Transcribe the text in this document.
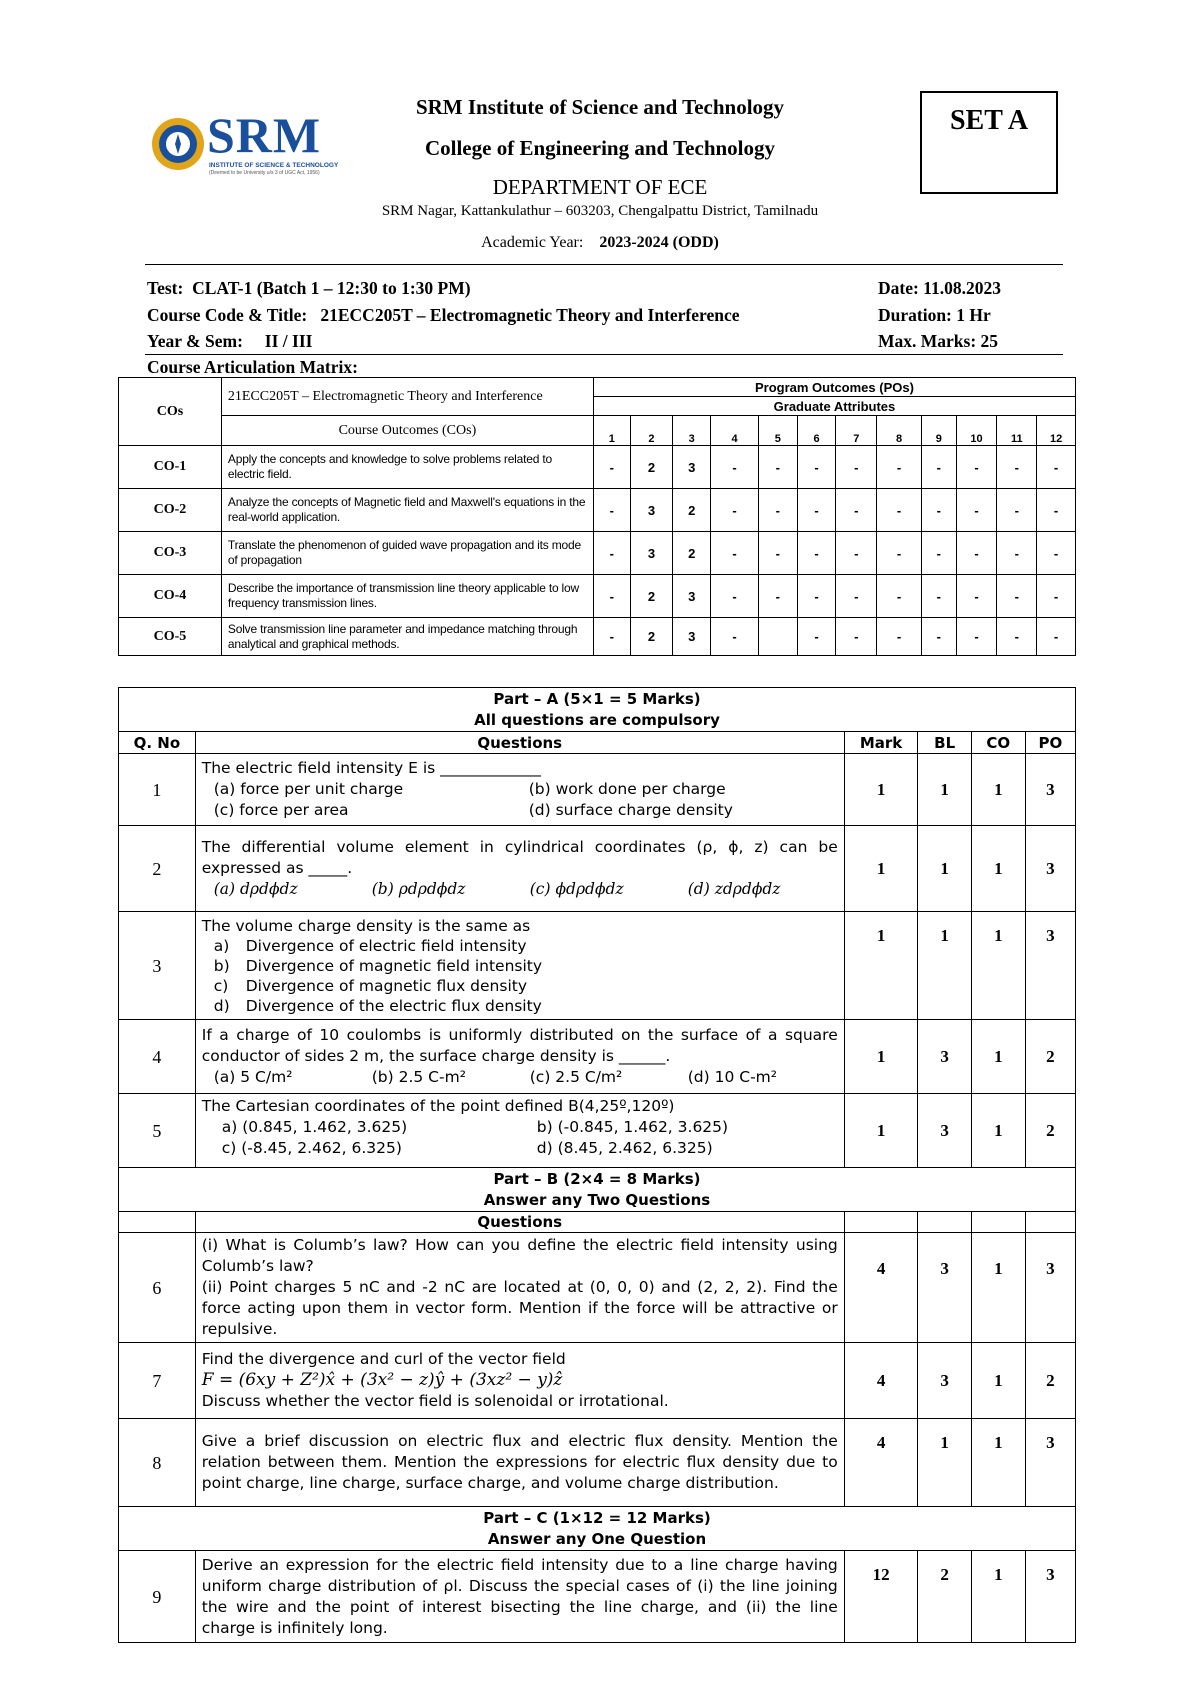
SRM
INSTITUTE OF SCIENCE & TECHNOLOGY
(Deemed to be University u/s 3 of UGC Act, 1956)
SRM Institute of Science and Technology
College of Engineering and Technology
DEPARTMENT OF ECE
SRM Nagar, Kattankulathur – 603203, Chengalpattu District, Tamilnadu
Academic Year: 2023-2024 (ODD)
SET A
Test: CLAT-1 (Batch 1 – 12:30 to 1:30 PM)
Course Code & Title: 21ECC205T – Electromagnetic Theory and Interference
Year & Sem: II / III
Date: 11.08.2023
Duration: 1 Hr
Max. Marks: 25
Course Articulation Matrix:
COs	21ECC205T – Electromagnetic Theory and Interference	Program Outcomes (POs)											
		Graduate Attributes											
	Course Outcomes (COs)	1	2	3	4	5	6	7	8	9	10	11	12
CO-1	Apply the concepts and knowledge to solve problems related to electric field.	-	2	3	-	-	-	-	-	-	-	-	-
CO-2	Analyze the concepts of Magnetic field and Maxwell's equations in the real-world application.	-	3	2	-	-	-	-	-	-	-	-	-
CO-3	Translate the phenomenon of guided wave propagation and its mode of propagation	-	3	2	-	-	-	-	-	-	-	-	-
CO-4	Describe the importance of transmission line theory applicable to low frequency transmission lines.	-	2	3	-	-	-	-	-	-	-	-	-
CO-5	Solve transmission line parameter and impedance matching through analytical and graphical methods.	-	2	3	-		-	-	-	-	-	-	-
Part – A (5×1 = 5 Marks)					
All questions are compulsory					
Q. No	Questions	Mark	BL	CO	PO
1	The electric field intensity E is _____________
(a) force per unit charge (b) work done per charge
(c) force per area (d) surface charge density	1	1	1	3
2	The differential volume element in cylindrical coordinates (ρ, ϕ, z) can be expressed as _____.
(a) dρdϕdz (b) ρdρdϕdz (c) ϕdρdϕdz (d) zdρdϕdz	1	1	1	3
3	The volume charge density is the same as
a) Divergence of electric field intensity
b) Divergence of magnetic field intensity
c) Divergence of magnetic flux density
d) Divergence of the electric flux density	1	1	1	3
4	If a charge of 10 coulombs is uniformly distributed on the surface of a square conductor of sides 2 m, the surface charge density is ______.
(a) 5 C/m² (b) 2.5 C-m² (c) 2.5 C/m² (d) 10 C-m²	1	3	1	2
5	The Cartesian coordinates of the point defined B(4,25º,120º)
a) (0.845, 1.462, 3.625) b) (-0.845, 1.462, 3.625)
c) (-8.45, 2.462, 6.325) d) (8.45, 2.462, 6.325)	1	3	1	2
Part – B (2×4 = 8 Marks)					
Answer any Two Questions					
	Questions				
6	(i) What is Columb’s law? How can you define the electric field intensity using Columb’s law?
(ii) Point charges 5 nC and -2 nC are located at (0, 0, 0) and (2, 2, 2). Find the force acting upon them in vector form. Mention if the force will be attractive or repulsive.	4	3	1	3
7	Find the divergence and curl of the vector field
F = (6xy + Z²)x̂ + (3x² − z)ŷ + (3xz² − y)ẑ
Discuss whether the vector field is solenoidal or irrotational.	4	3	1	2
8	Give a brief discussion on electric flux and electric flux density. Mention the relation between them. Mention the expressions for electric flux density due to point charge, line charge, surface charge, and volume charge distribution.	4	1	1	3
Part – C (1×12 = 12 Marks)					
Answer any One Question					
9	Derive an expression for the electric field intensity due to a line charge having uniform charge distribution of ρl. Discuss the special cases of (i) the line joining the wire and the point of interest bisecting the line charge, and (ii) the line charge is infinitely long.	12	2	1	3
